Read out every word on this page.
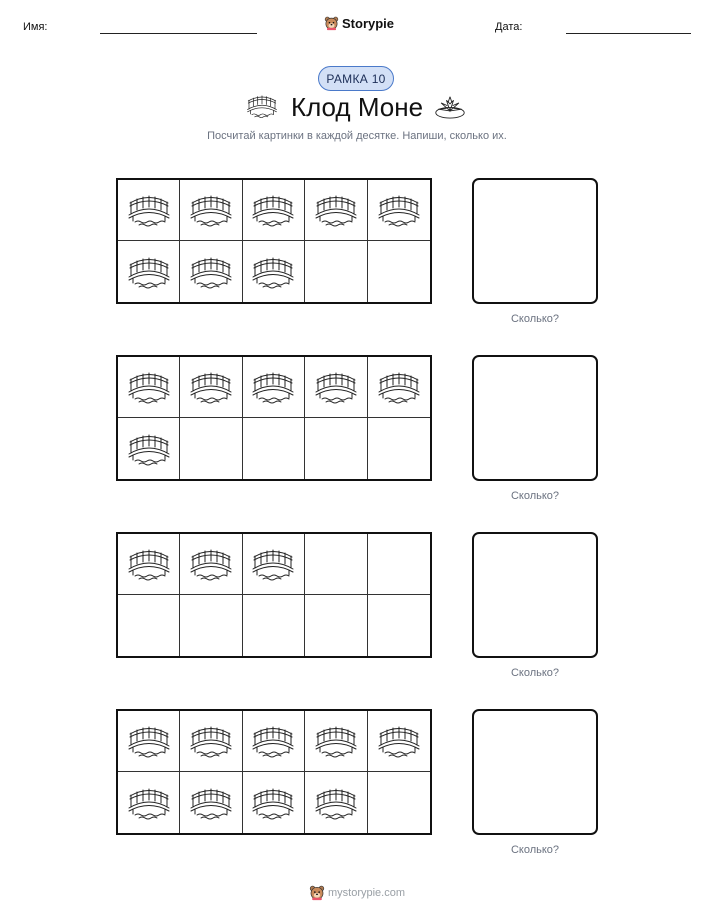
Имя:	Storypie	Дата:
РАМКА 10
Клод Моне
Посчитай картинки в каждой десятке. Напиши, сколько их.
Сколько?
Сколько?
Сколько?
Сколько?
mystorypie.com
